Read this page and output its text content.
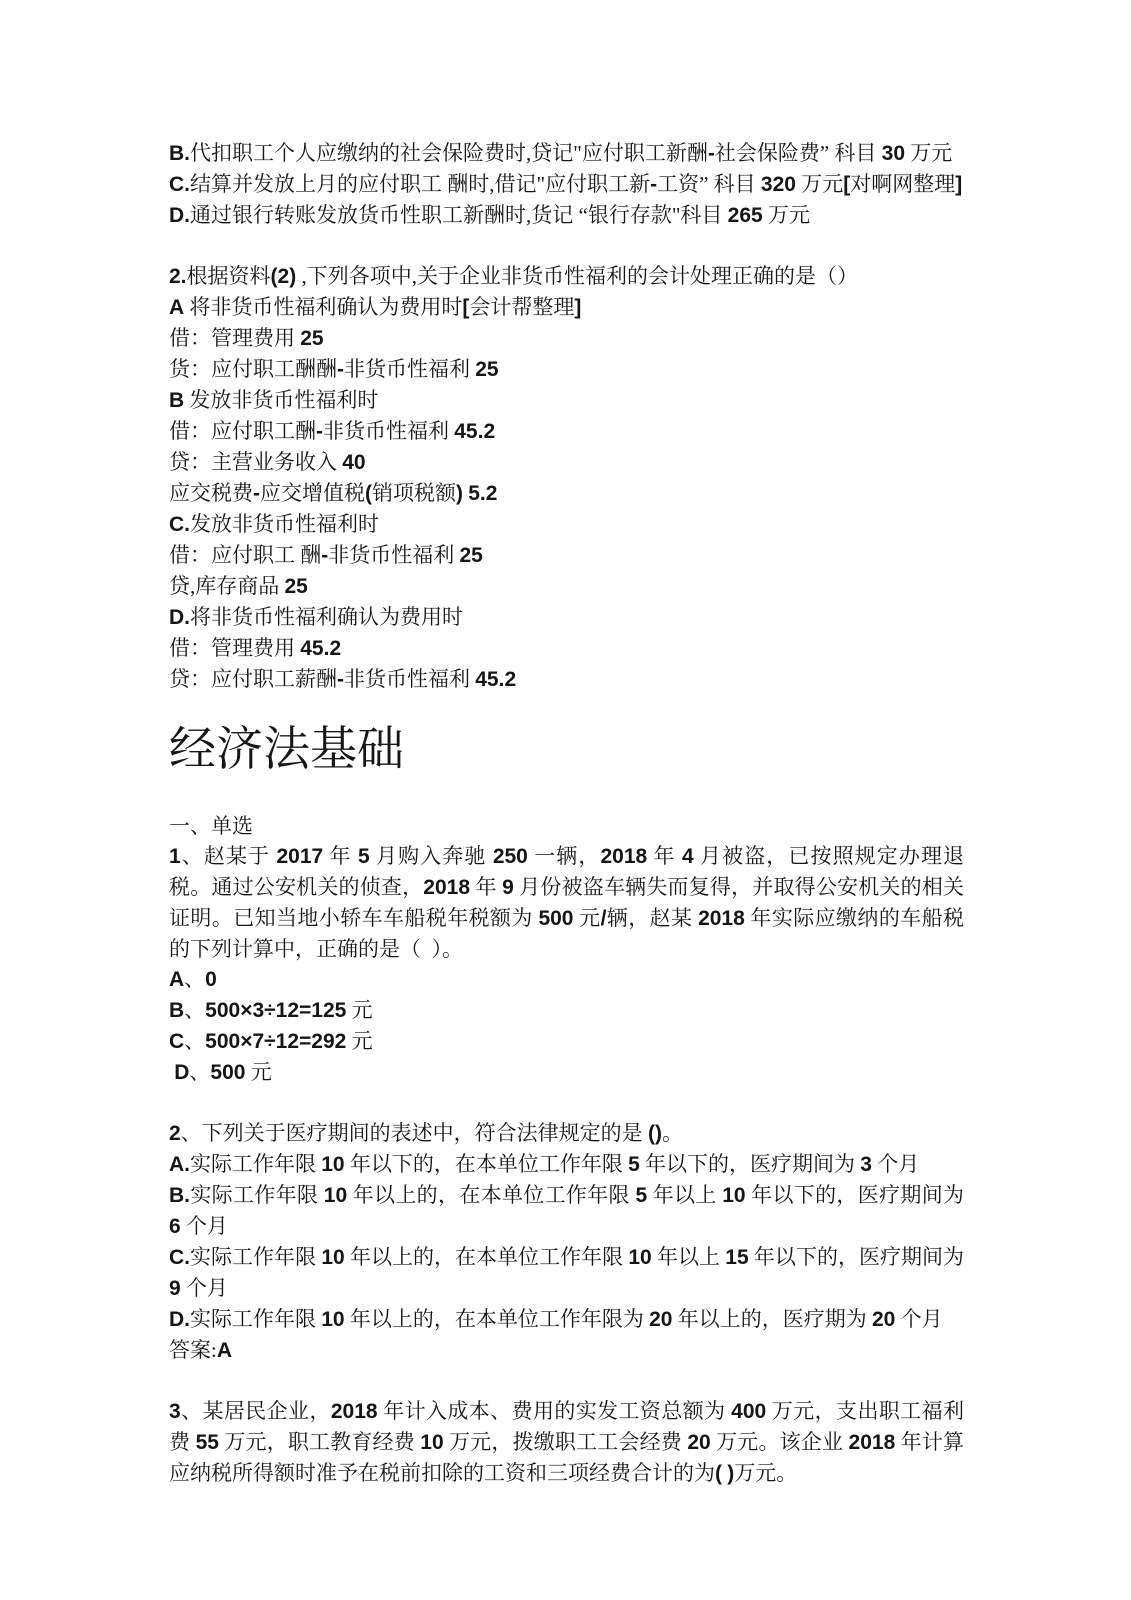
B.代扣职工个人应缴纳的社会保险费时,贷记"应付职工新酬-社会保险费” 科目 30 万元
C.结算并发放上月的应付职工 酬时,借记"应付职工新-工资” 科目 320 万元[对啊网整理]
D.通过银行转账发放货币性职工新酬时,货记 “银行存款"科目 265 万元
2.根据资料(2) ,下列各项中,关于企业非货币性福利的会计处理正确的是（）
A 将非货币性福利确认为费用时[会计帮整理]
借：管理费用 25
货：应付职工酬酬-非货币性福利 25
B 发放非货币性福利时
借：应付职工酬-非货币性福利 45.2
贷：主营业务收入 40
应交税费-应交增值税(销项税额) 5.2
C.发放非货币性福利时
借：应付职工 酬-非货币性福利 25
贷,库存商品 25
D.将非货币性福利确认为费用时
借：管理费用 45.2
贷：应付职工薪酬-非货币性福利 45.2
经济法基础
一、单选
1、赵某于 2017 年 5 月购入奔驰 250 一辆，2018 年 4 月被盗，已按照规定办理退税。通过公安机关的侦查，2018 年 9 月份被盗车辆失而复得，并取得公安机关的相关证明。已知当地小轿车车船税年税额为 500 元/辆，赵某 2018 年实际应缴纳的车船税的下列计算中，正确的是（  ）。
A、0
B、500×3÷12=125 元
C、500×7÷12=292 元
D、500 元
2、下列关于医疗期间的表述中，符合法律规定的是 ()。
A.实际工作年限 10 年以下的，在本单位工作年限 5 年以下的，医疗期间为 3 个月
B.实际工作年限 10 年以上的，在本单位工作年限 5 年以上 10 年以下的，医疗期间为 6 个月
C.实际工作年限 10 年以上的，在本单位工作年限 10 年以上 15 年以下的，医疗期间为 9 个月
D.实际工作年限 10 年以上的，在本单位工作年限为 20 年以上的，医疗期为 20 个月
答案:A
3、某居民企业，2018 年计入成本、费用的实发工资总额为 400 万元，支出职工福利费 55 万元，职工教育经费 10 万元，拨缴职工工会经费 20 万元。该企业 2018 年计算应纳税所得额时准予在税前扣除的工资和三项经费合计的为( )万元。
